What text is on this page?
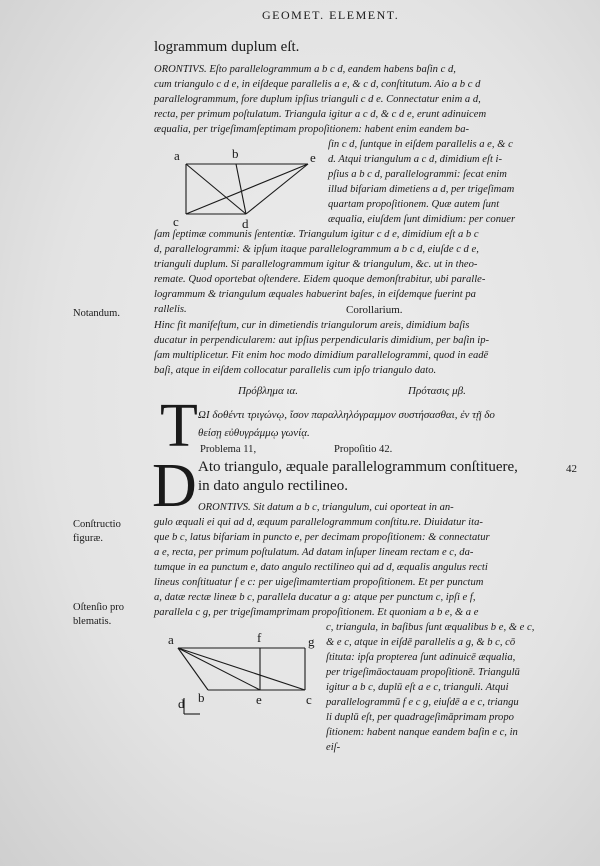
GEOMET. ELEMENT.
42
logrammum duplum eſt.
ORONTIVS. Eſto parallelogrammum a b c d, eandem habens baſin c d,
cum triangulo c d e, in eiſdeque parallelis a e, & c d, conſtitutum. Aio a b c d
parallelogrammum, fore duplum ipſius trianguli c d e. Connectatur enim a d,
recta, per primum poſtulatum. Triangula igitur a c d, & c d e, erunt adinuicem
æqualia, per trigeſimamſeptimam propoſitionem: habent enim eandem ba-
ſin c d, ſuntque in eiſdem parallelis a e, & c
d. Atqui triangulum a c d, dimidium eſt i-
pſius a b c d, parallelogrammi: ſecat enim
illud bifariam dimetiens a d, per trigeſimam
quartam propoſitionem. Quæ autem ſunt
æqualia, eiuſdem ſunt dimidium: per conuer
ſam ſeptimæ communis ſententiæ. Triangulum igitur c d e, dimidium eſt a b c
d, parallelogrammi: & ipſum itaque parallelogrammum a b c d, eiuſde c d e,
trianguli duplum. Si parallelogrammum igitur & triangulum, &c. ut in theo-
remate. Quod oportebat oſtendere. Eidem quoque demonſtrabitur, ubi paralle-
logrammum & triangulum æquales habuerint baſes, in eiſdemque fuerint pa
rallelis.	Corollarium.
Hinc fit manifeſtum, cur in dimetiendis triangulorum areis, dimidium baſis
ducatur in perpendicularem: aut ipſius perpendicularis dimidium, per baſin ip-
ſam multiplicetur. Fit enim hoc modo dimidium parallelogrammi, quod in eadē
baſi, atque in eiſdem collocatur parallelis cum ipſo triangulo dato.
Πρόβλημα ια.	Πρότασις μβ.
Τ ΩΙ δοθέντι τριγώνῳ, ἴσον παραλληλόγραμμον συστήσασθαι, ἐν τῇ δο
θείσῃ εὐθυγράμμῳ γωνίᾳ.
Problema 11,	Propoſitio 42.
D Ato triangulo, æquale parallelogrammum conſtituere,
in dato angulo rectilineo.
ORONTIVS. Sit datum a b c, triangulum, cui oporteat in an-
gulo æquali ei qui ad d, æquum parallelogrammum conſtitu.re. Diuidatur ita-
que b c, latus bifariam in puncto e, per decimam propoſitionem: & connectatur
a e, recta, per primum poſtulatum. Ad datam inſuper lineam rectam e c, da-
tumque in ea punctum e, dato angulo rectilineo qui ad d, æqualis angulus recti
lineus conſtituatur f e c: per uigeſimamtertiam propoſitionem. Et per punctum
a, datæ rectæ lineæ b c, parallela ducatur a g: atque per punctum c, ipſi e f,
parallela c g, per trigeſimamprimam propoſitionem. Et quoniam a b e, & a e
c, triangula, in baſibus ſunt æqualibus b e, & e c,
& e c, atque in eiſdē parallelis a g, & b c, cō
ſtituta: ipſa propterea ſunt adinuicē æqualia,
per trigeſimāoctauam propoſitionē. Triangulū
igitur a b c, duplū eſt a e c, trianguli. Atqui
parallelogrammū f e c g, eiuſdē a e c, triangu
li duplū eſt, per quadrageſimāprimam propo
ſitionem: habent nanque eandem baſin e c, in
eiſ-
Notandum.
Conſtructio
figuræ.
Oſtenſio pro
blematis.
a	b	e
c	d
a	f	g
b	e	c
d
